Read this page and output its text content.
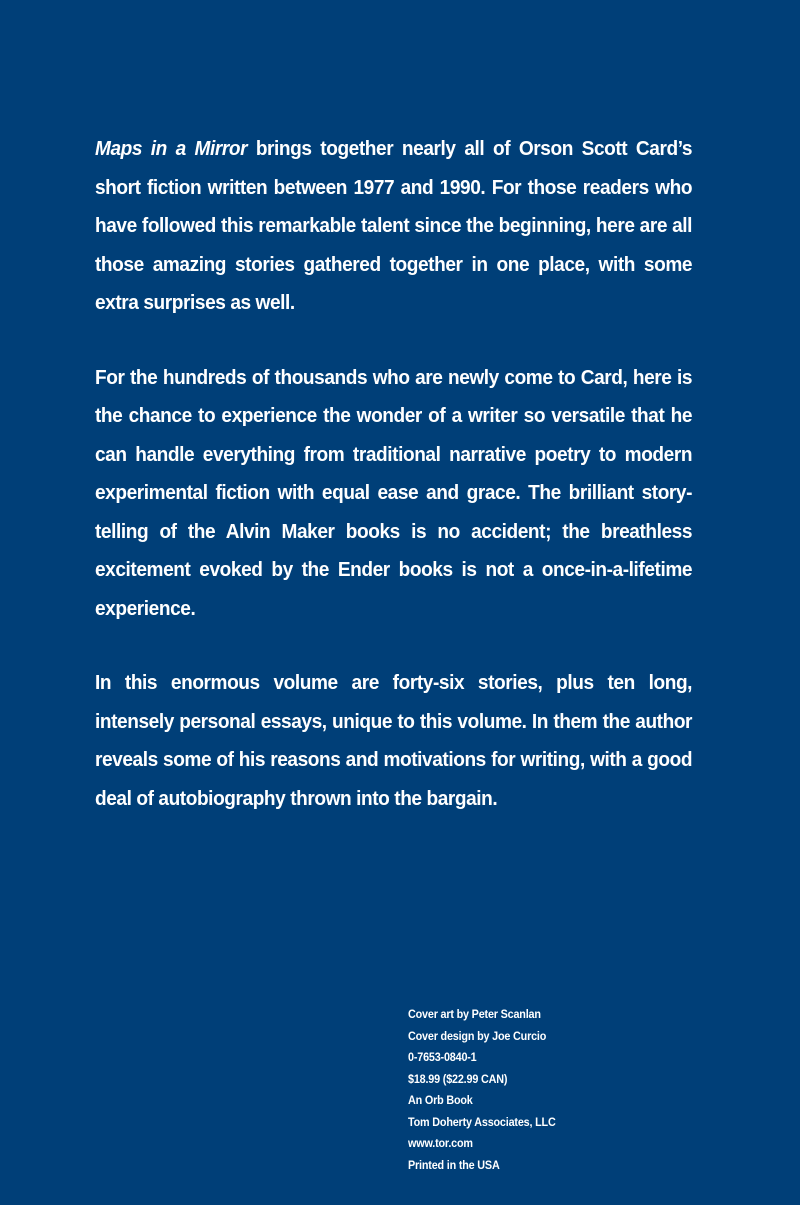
Maps in a Mirror brings together nearly all of Orson Scott Card’s short fiction written between 1977 and 1990. For those readers who have followed this remarkable talent since the beginning, here are all those amazing stories gathered together in one place, with some extra surprises as well.

For the hundreds of thousands who are newly come to Card, here is the chance to experience the wonder of a writer so versatile that he can handle everything from traditional narrative poetry to modern experimental fiction with equal ease and grace. The brilliant story-telling of the Alvin Maker books is no accident; the breathless excitement evoked by the Ender books is not a once-in-a-lifetime experience.

In this enormous volume are forty-six stories, plus ten long, intensely personal essays, unique to this volume. In them the author reveals some of his reasons and motivations for writing, with a good deal of autobiography thrown into the bargain.

Cover art by Peter Scanlan
Cover design by Joe Curcio
0-7653-0840-1
$18.99 ($22.99 CAN)
An Orb Book
Tom Doherty Associates, LLC
www.tor.com
Printed in the USA
